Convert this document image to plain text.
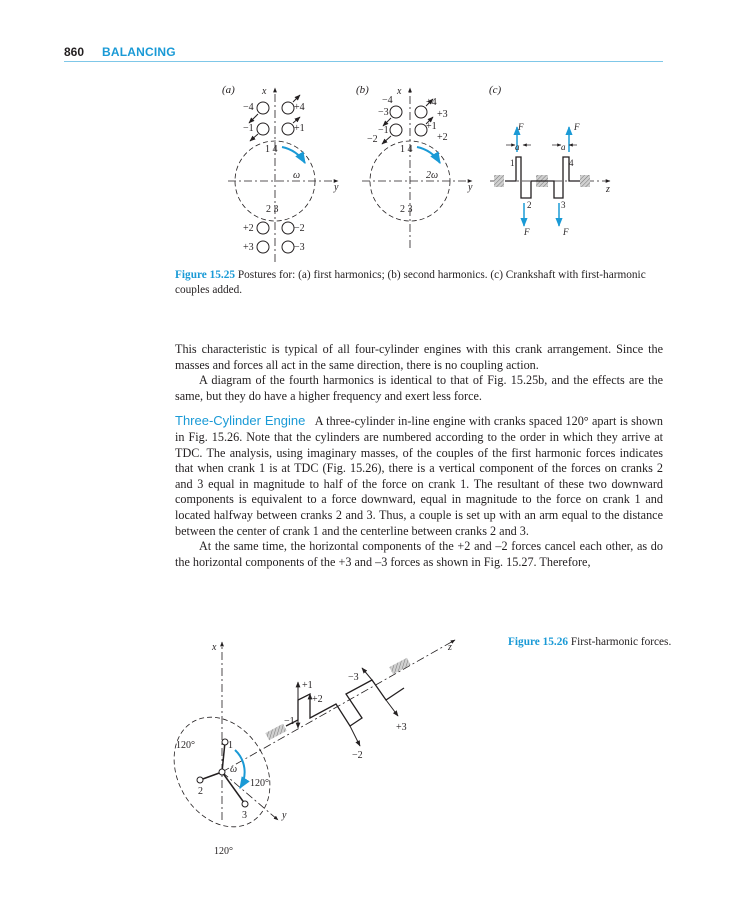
860 BALANCING
(a)	x
y
−4
−1
+4
+1
+2
+3
−2
−3
1 4
2 3
ω
(b)	x
y
−3
−1
−2
−4	+4
+3
+1
+2
1 4
2 3
2ω
(c)
z
1
2	3
4
F	F
F	F
a	a
Figure 15.25 Postures for: (a) first harmonics; (b) second harmonics. (c) Crankshaft with first-harmonic couples added.

This characteristic is typical of all four-cylinder engines with this crank arrangement. Since the masses and forces all act in the same direction, there is no coupling action.

A diagram of the fourth harmonics is identical to that of Fig. 15.25b, and the effects are the same, but they do have a higher frequency and exert less force.

Three-Cylinder Engine A three-cylinder in-line engine with cranks spaced 120° apart is shown in Fig. 15.26. Note that the cylinders are numbered according to the order in which they arrive at TDC. The analysis, using imaginary masses, of the couples of the first harmonic forces indicates that when crank 1 is at TDC (Fig. 15.26), there is a vertical component of the forces on cranks 2 and 3 equal in magnitude to half of the force on crank 1. The resultant of these two downward components is equivalent to a force downward, equal in magnitude to the force on crank 1 and located halfway between cranks 2 and 3. Thus, a couple is set up with an arm equal to the distance between the center of crank 1 and the centerline between cranks 2 and 3.

At the same time, the horizontal components of the +2 and –2 forces cancel each other, as do the horizontal components of the +3 and –3 forces as shown in Fig. 15.27. Therefore,

x	z
y
1
2
3
ω
120°
120°
120°
+1
+2
−1
−3
+3
−2
Figure 15.26 First-harmonic forces.
